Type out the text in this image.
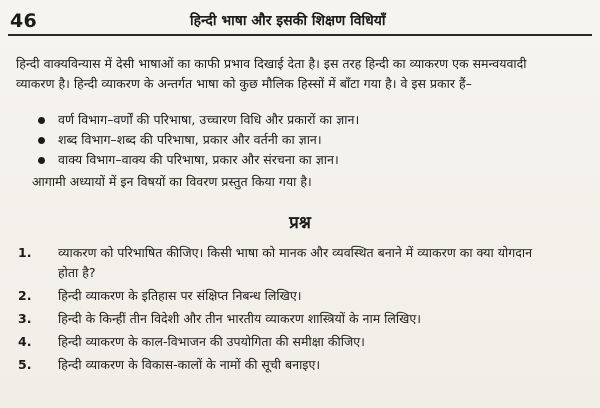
46	हिन्दी भाषा और इसकी शिक्षण विधियाँ
हिन्दी वाक्यविन्यास में देसी भाषाओं का काफी प्रभाव दिखाई देता है। इस तरह हिन्दी का व्याकरण एक समन्वयवादी
व्याकरण है। हिन्दी व्याकरण के अन्तर्गत भाषा को कुछ मौलिक हिस्सों में बाँटा गया है। वे इस प्रकार हैं–
वर्ण विभाग–वर्णों की परिभाषा, उच्चारण विधि और प्रकारों का ज्ञान।
शब्द विभाग–शब्द की परिभाषा, प्रकार और वर्तनी का ज्ञान।
वाक्य विभाग–वाक्य की परिभाषा, प्रकार और संरचना का ज्ञान।
आगामी अध्यायों में इन विषयों का विवरण प्रस्तुत किया गया है।
प्रश्न
1. व्याकरण को परिभाषित कीजिए। किसी भाषा को मानक और व्यवस्थित बनाने में व्याकरण का क्या योगदान
होता है?
2. हिन्दी व्याकरण के इतिहास पर संक्षिप्त निबन्ध लिखिए।
3. हिन्दी के किन्हीं तीन विदेशी और तीन भारतीय व्याकरण शास्त्रियों के नाम लिखिए।
4. हिन्दी व्याकरण के काल-विभाजन की उपयोगिता की समीक्षा कीजिए।
5. हिन्दी व्याकरण के विकास-कालों के नामों की सूची बनाइए।
